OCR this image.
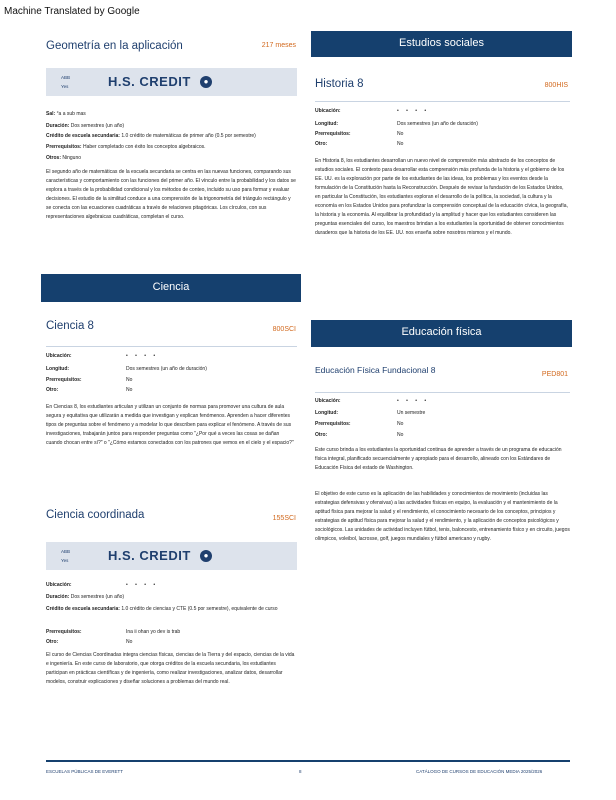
Machine Translated by Google
Geometría en la aplicación	217 meses
ABB
Yes	H.S. CREDIT	●
Sal: °a a sub mas
Duración: Dos semestres (un año)
Crédito de escuela secundaria: 1.0 crédito de matemáticas de primer año (0.5 por semestre)
Prerrequisitos: Haber completado con éxito los conceptos algebraicos.
Otros: Ninguno
El segundo año de matemáticas de la escuela secundaria se centra en las nuevas funciones, comparando sus características y comportamiento con las funciones del primer año. El vínculo entre la probabilidad y los datos se explora a través de la probabilidad condicional y los métodos de conteo, incluido su uso para formar y evaluar decisiones. El estudio de la similitud conduce a una comprensión de la trigonometría del triángulo rectángulo y se conecta con las ecuaciones cuadráticas a través de relaciones pitagóricas. Los círculos, con sus representaciones algebraicas cuadráticas, completan el curso.
Ciencia
Ciencia 8	800SCI
Ubicación:	• • • •
Longitud:	Dos semestres (un año de duración)
Prerrequisitos:	No
Otro:	No
En Ciencias 8, los estudiantes articulan y utilizan un conjunto de normas para promover una cultura de aula segura y equitativa que utilizarán a medida que investigan y explican fenómenos. Aprenden a hacer diferentes tipos de preguntas sobre el fenómeno y a modelar lo que describen para explicar el fenómeno. A través de sus investigaciones, trabajarán juntos para responder preguntas como "¿Por qué a veces las cosas se dañan cuando chocan entre sí?" o "¿Cómo estamos conectados con los patrones que vemos en el cielo y el espacio?"
Ciencia coordinada	155SCI
ABB
Yes	H.S. CREDIT	●
Ubicación:	• • • •
Duración: Dos semestres (un año)
Crédito de escuela secundaria: 1.0 crédito de ciencias y CTE (0.5 por semestre), equivalente de curso
Prerrequisitos:	Ina ii ohan yo dev is trab
Otro:	No
El curso de Ciencias Coordinadas integra ciencias físicas, ciencias de la Tierra y del espacio, ciencias de la vida e ingeniería. En este curso de laboratorio, que otorga créditos de la escuela secundaria, los estudiantes participan en prácticas científicas y de ingeniería, como realizar investigaciones, analizar datos, desarrollar modelos, construir explicaciones y diseñar soluciones a problemas del mundo real.
Estudios sociales
Historia 8	800HIS
Ubicación:	• • • •
Longitud:	Dos semestres (un año de duración)
Prerrequisitos:	No
Otro:	No
En Historia 8, los estudiantes desarrollan un nuevo nivel de comprensión más abstracto de los conceptos de estudios sociales. El contexto para desarrollar esta comprensión más profunda de la historia y el gobierno de los EE. UU. es la exploración por parte de los estudiantes de las ideas, los problemas y los eventos desde la formulación de la Constitución hasta la Reconstrucción. Después de revisar la fundación de los Estados Unidos, en particular la Constitución, los estudiantes exploran el desarrollo de la política, la sociedad, la cultura y la economía en los Estados Unidos para profundizar la comprensión conceptual de la educación cívica, la geografía, la historia y la economía. Al equilibrar la profundidad y la amplitud y hacer que los estudiantes consideren las preguntas esenciales del curso, los maestros brindan a los estudiantes la oportunidad de obtener conocimientos duraderos que la historia de los EE. UU. nos enseña sobre nosotros mismos y el mundo.
Educación física
Educación Física Fundacional 8	PED801
Ubicación:	• • • •
Longitud:	Un semestre
Prerrequisitos:	No
Otro:	No
Este curso brinda a los estudiantes la oportunidad continua de aprender a través de un programa de educación física integral, planificado secuencialmente y apropiado para el desarrollo, alineado con los Estándares de Educación Física del estado de Washington.
El objetivo de este curso es la aplicación de las habilidades y conocimientos de movimiento (incluidas las estrategias defensivas y ofensivas) a las actividades físicas en equipo, la evaluación y el mantenimiento de la aptitud física para mejorar la salud y el rendimiento, el conocimiento necesario de los conceptos, principios y estrategias de aptitud física para mejorar la salud y el rendimiento, y la aplicación de conceptos psicológicos y sociológicos. Las unidades de actividad incluyen fútbol, tenis, baloncesto, entrenamiento físico y en circuito, juegos olímpicos, voleibol, lacrosse, golf, juegos mundiales y fútbol americano y rugby.
ESCUELAS PÚBLICAS DE EVERETT	8	CATÁLOGO DE CURSOS DE EDUCACIÓN MEDIA 2025/2026
